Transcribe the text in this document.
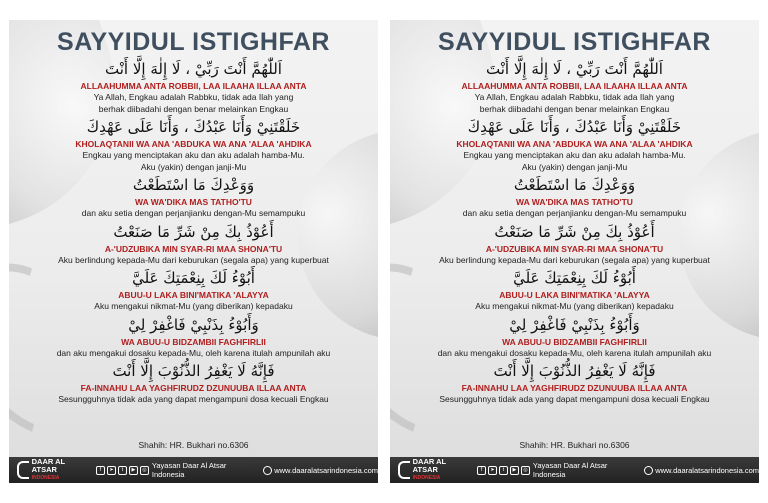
SAYYIDUL ISTIGHFAR
اَللّٰهُمَّ أَنْتَ رَبِّيْ ، لَا إِلٰهَ إِلَّا أَنْتَ
ALLAAHUMMA ANTA ROBBII, LAA ILAAHA ILLAA ANTA
Ya Allah, Engkau adalah Rabbku, tidak ada Ilah yang
berhak diibadahi dengan benar melainkan Engkau
خَلَقْتَنِيْ وَأَنَا عَبْدُكَ ، وَأَنَا عَلَى عَهْدِكَ
KHOLAQTANII WA ANA 'ABDUKA WA ANA 'ALAA 'AHDIKA
Engkau yang menciptakan aku dan aku adalah hamba-Mu.
Aku (yakin) dengan janji-Mu
وَوَعْدِكَ مَا اسْتَطَعْتُ
WA WA'DIKA MAS TATHO'TU
dan aku setia dengan perjanjianku dengan-Mu semampuku
أَعُوْذُ بِكَ مِنْ شَرِّ مَا صَنَعْتُ
A-'UDZUBIKA MIN SYAR-RI MAA SHONA'TU
Aku berlindung kepada-Mu dari keburukan (segala apa) yang kuperbuat
أَبُوْءُ لَكَ بِنِعْمَتِكَ عَلَيَّ
ABUU-U LAKA BINI'MATIKA 'ALAYYA
Aku mengakui nikmat-Mu (yang diberikan) kepadaku
وَأَبُوْءُ بِذَنْبِيْ فَاغْفِرْ لِيْ
WA ABUU-U BIDZAMBII FAGHFIRLII
dan aku mengakui dosaku kepada-Mu, oleh karena itulah ampunilah aku
فَإِنَّهُ لَا يَغْفِرُ الذُّنُوْبَ إِلَّا أَنْتَ
FA-INNAHU LAA YAGHFIRUDZ DZUNUUBA ILLAA ANTA
Sesungguhnya tidak ada yang dapat mengampuni dosa kecuali Engkau
Shahih: HR. Bukhari no.6306
DAAR AL ATSAR
INDONESIA
f	➤	t	▶	◎ Yayasan Daar Al Atsar Indonesia	www.daaralatsarindonesia.com
SAYYIDUL ISTIGHFAR
اَللّٰهُمَّ أَنْتَ رَبِّيْ ، لَا إِلٰهَ إِلَّا أَنْتَ
ALLAAHUMMA ANTA ROBBII, LAA ILAAHA ILLAA ANTA
Ya Allah, Engkau adalah Rabbku, tidak ada Ilah yang
berhak diibadahi dengan benar melainkan Engkau
خَلَقْتَنِيْ وَأَنَا عَبْدُكَ ، وَأَنَا عَلَى عَهْدِكَ
KHOLAQTANII WA ANA 'ABDUKA WA ANA 'ALAA 'AHDIKA
Engkau yang menciptakan aku dan aku adalah hamba-Mu.
Aku (yakin) dengan janji-Mu
وَوَعْدِكَ مَا اسْتَطَعْتُ
WA WA'DIKA MAS TATHO'TU
dan aku setia dengan perjanjianku dengan-Mu semampuku
أَعُوْذُ بِكَ مِنْ شَرِّ مَا صَنَعْتُ
A-'UDZUBIKA MIN SYAR-RI MAA SHONA'TU
Aku berlindung kepada-Mu dari keburukan (segala apa) yang kuperbuat
أَبُوْءُ لَكَ بِنِعْمَتِكَ عَلَيَّ
ABUU-U LAKA BINI'MATIKA 'ALAYYA
Aku mengakui nikmat-Mu (yang diberikan) kepadaku
وَأَبُوْءُ بِذَنْبِيْ فَاغْفِرْ لِيْ
WA ABUU-U BIDZAMBII FAGHFIRLII
dan aku mengakui dosaku kepada-Mu, oleh karena itulah ampunilah aku
فَإِنَّهُ لَا يَغْفِرُ الذُّنُوْبَ إِلَّا أَنْتَ
FA-INNAHU LAA YAGHFIRUDZ DZUNUUBA ILLAA ANTA
Sesungguhnya tidak ada yang dapat mengampuni dosa kecuali Engkau
Shahih: HR. Bukhari no.6306
DAAR AL ATSAR
INDONESIA
f	➤	t	▶	◎ Yayasan Daar Al Atsar Indonesia	www.daaralatsarindonesia.com
